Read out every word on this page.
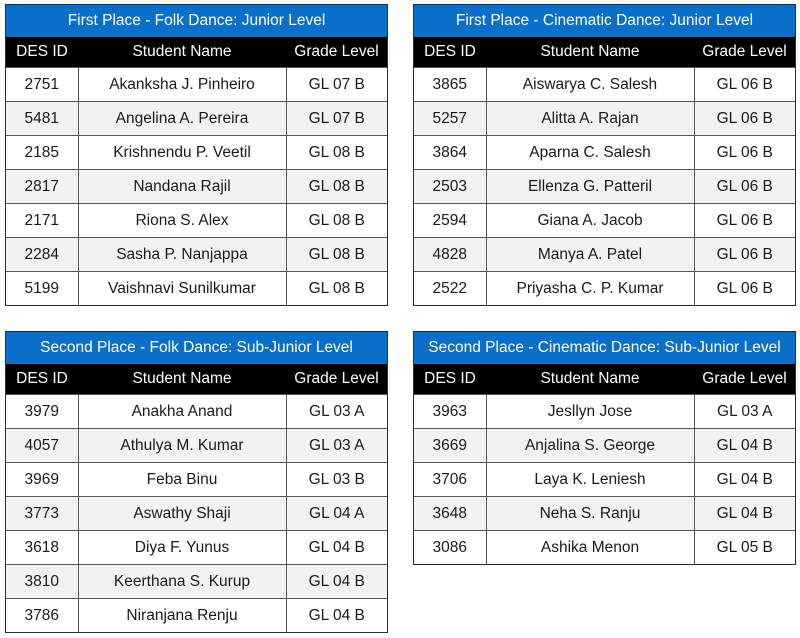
First Place - Folk Dance: Junior Level
DES ID	Student Name	Grade Level
2751	Akanksha J. Pinheiro	GL 07 B
5481	Angelina A. Pereira	GL 07 B
2185	Krishnendu P. Veetil	GL 08 B
2817	Nandana Rajil	GL 08 B
2171	Riona S. Alex	GL 08 B
2284	Sasha P. Nanjappa	GL 08 B
5199	Vaishnavi Sunilkumar	GL 08 B
First Place - Cinematic Dance: Junior Level
DES ID	Student Name	Grade Level
3865	Aiswarya C. Salesh	GL 06 B
5257	Alitta A. Rajan	GL 06 B
3864	Aparna C. Salesh	GL 06 B
2503	Ellenza G. Patteril	GL 06 B
2594	Giana A. Jacob	GL 06 B
4828	Manya A. Patel	GL 06 B
2522	Priyasha C. P. Kumar	GL 06 B
Second Place - Folk Dance: Sub-Junior Level
DES ID	Student Name	Grade Level
3979	Anakha Anand	GL 03 A
4057	Athulya M. Kumar	GL 03 A
3969	Feba Binu	GL 03 B
3773	Aswathy Shaji	GL 04 A
3618	Diya F. Yunus	GL 04 B
3810	Keerthana S. Kurup	GL 04 B
3786	Niranjana Renju	GL 04 B
Second Place - Cinematic Dance: Sub-Junior Level
DES ID	Student Name	Grade Level
3963	Jesllyn Jose	GL 03 A
3669	Anjalina S. George	GL 04 B
3706	Laya K. Leniesh	GL 04 B
3648	Neha S. Ranju	GL 04 B
3086	Ashika Menon	GL 05 B
